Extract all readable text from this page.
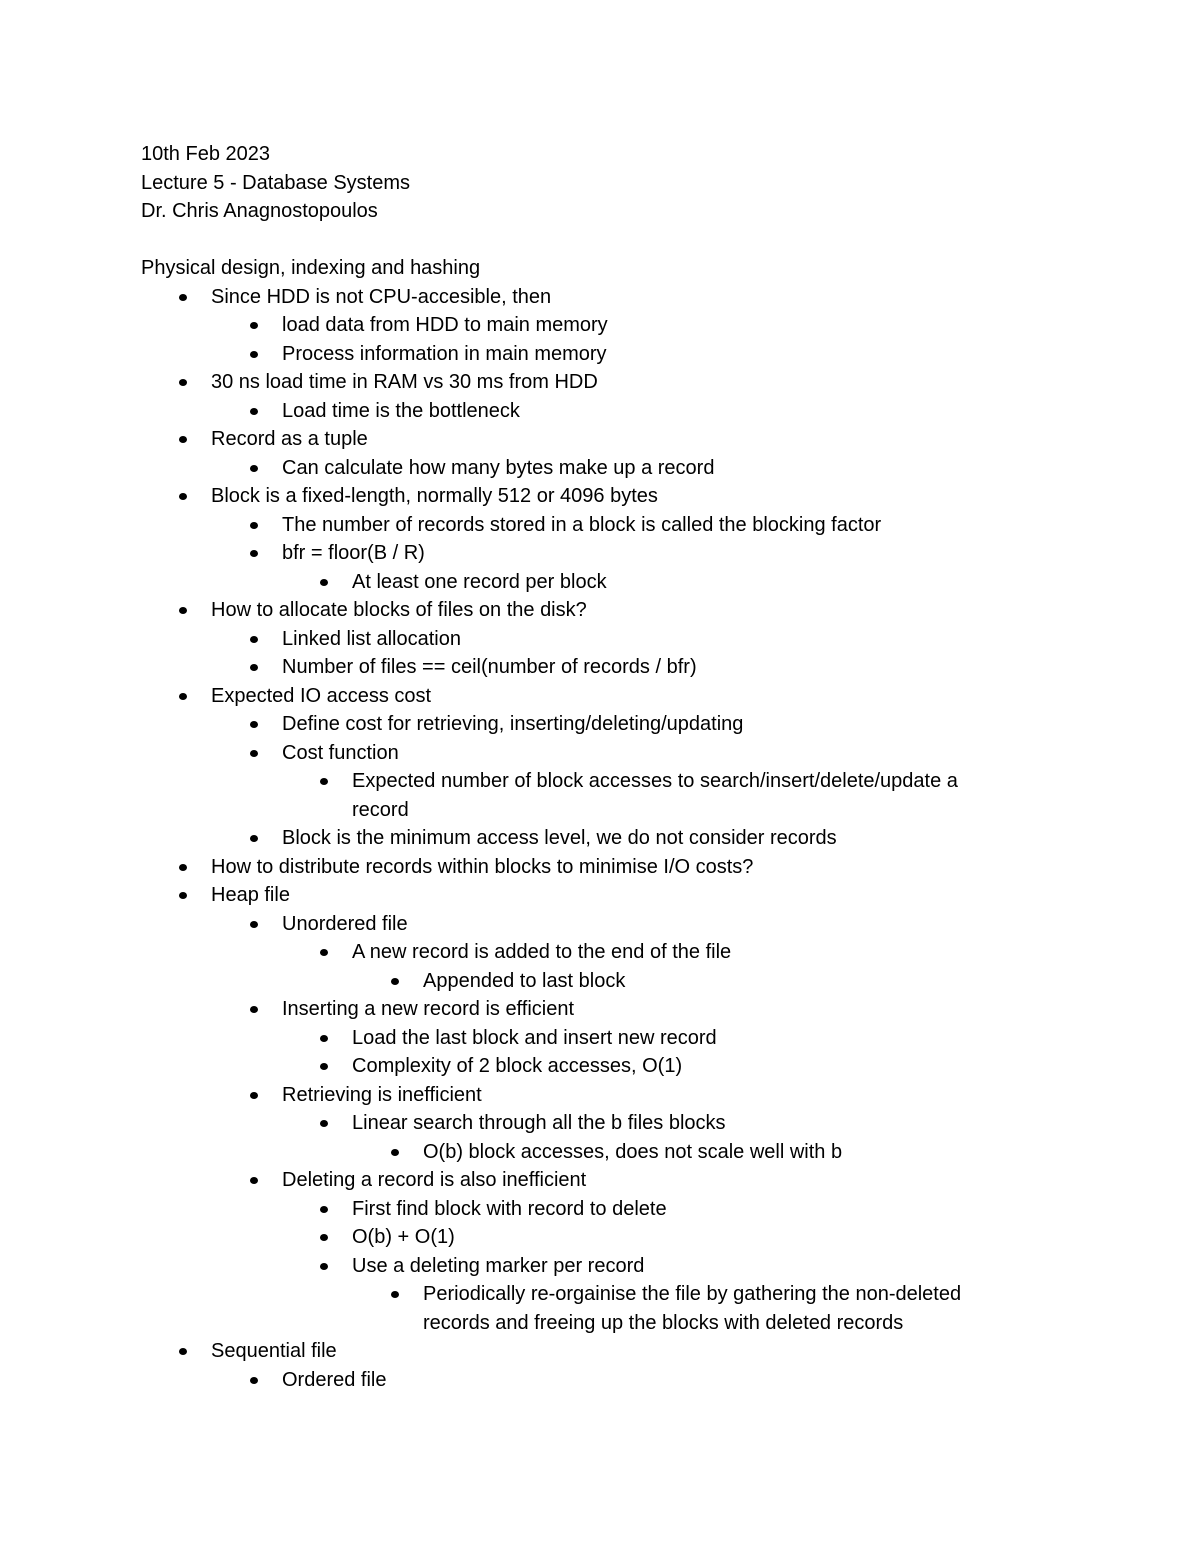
10th Feb 2023
Lecture 5 - Database Systems
Dr. Chris Anagnostopoulos
Physical design, indexing and hashing
Since HDD is not CPU-accesible, then
load data from HDD to main memory
Process information in main memory
30 ns load time in RAM vs 30 ms from HDD
Load time is the bottleneck
Record as a tuple
Can calculate how many bytes make up a record
Block is a fixed-length, normally 512 or 4096 bytes
The number of records stored in a block is called the blocking factor
bfr = floor(B / R)
At least one record per block
How to allocate blocks of files on the disk?
Linked list allocation
Number of files == ceil(number of records / bfr)
Expected IO access cost
Define cost for retrieving, inserting/deleting/updating
Cost function
Expected number of block accesses to search/insert/delete/update a record
Block is the minimum access level, we do not consider records
How to distribute records within blocks to minimise I/O costs?
Heap file
Unordered file
A new record is added to the end of the file
Appended to last block
Inserting a new record is efficient
Load the last block and insert new record
Complexity of 2 block accesses, O(1)
Retrieving is inefficient
Linear search through all the b files blocks
O(b) block accesses, does not scale well with b
Deleting a record is also inefficient
First find block with record to delete
O(b) + O(1)
Use a deleting marker per record
Periodically re-orgainise the file by gathering the non-deleted records and freeing up the blocks with deleted records
Sequential file
Ordered file
